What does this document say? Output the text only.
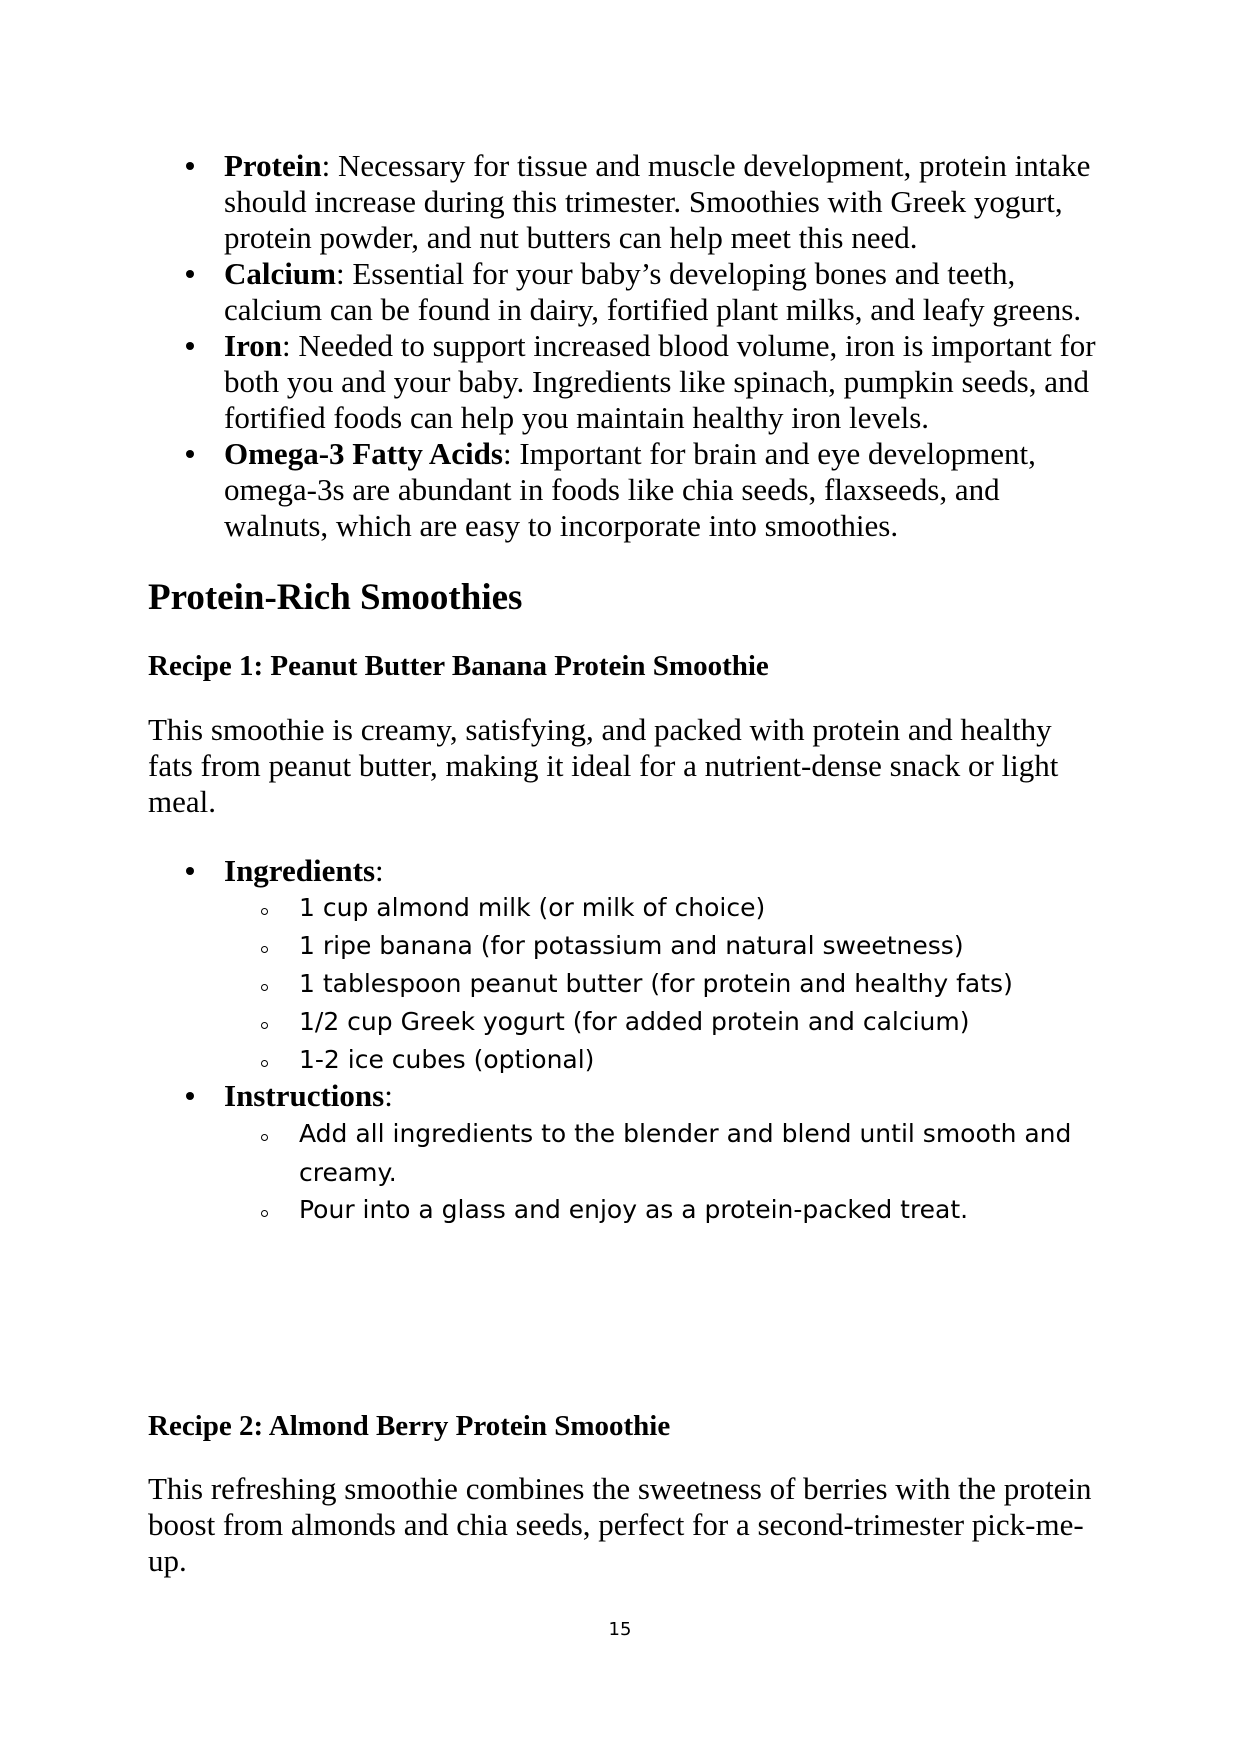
Protein: Necessary for tissue and muscle development, protein intake should increase during this trimester. Smoothies with Greek yogurt, protein powder, and nut butters can help meet this need.
Calcium: Essential for your baby’s developing bones and teeth, calcium can be found in dairy, fortified plant milks, and leafy greens.
Iron: Needed to support increased blood volume, iron is important for both you and your baby. Ingredients like spinach, pumpkin seeds, and fortified foods can help you maintain healthy iron levels.
Omega-3 Fatty Acids: Important for brain and eye development, omega-3s are abundant in foods like chia seeds, flaxseeds, and walnuts, which are easy to incorporate into smoothies.
Protein-Rich Smoothies
Recipe 1: Peanut Butter Banana Protein Smoothie
This smoothie is creamy, satisfying, and packed with protein and healthy fats from peanut butter, making it ideal for a nutrient-dense snack or light meal.
Ingredients:
1 cup almond milk (or milk of choice)
1 ripe banana (for potassium and natural sweetness)
1 tablespoon peanut butter (for protein and healthy fats)
1/2 cup Greek yogurt (for added protein and calcium)
1-2 ice cubes (optional)
Instructions:
Add all ingredients to the blender and blend until smooth and creamy.
Pour into a glass and enjoy as a protein-packed treat.
Recipe 2: Almond Berry Protein Smoothie
This refreshing smoothie combines the sweetness of berries with the protein boost from almonds and chia seeds, perfect for a second-trimester pick-me-up.
15
